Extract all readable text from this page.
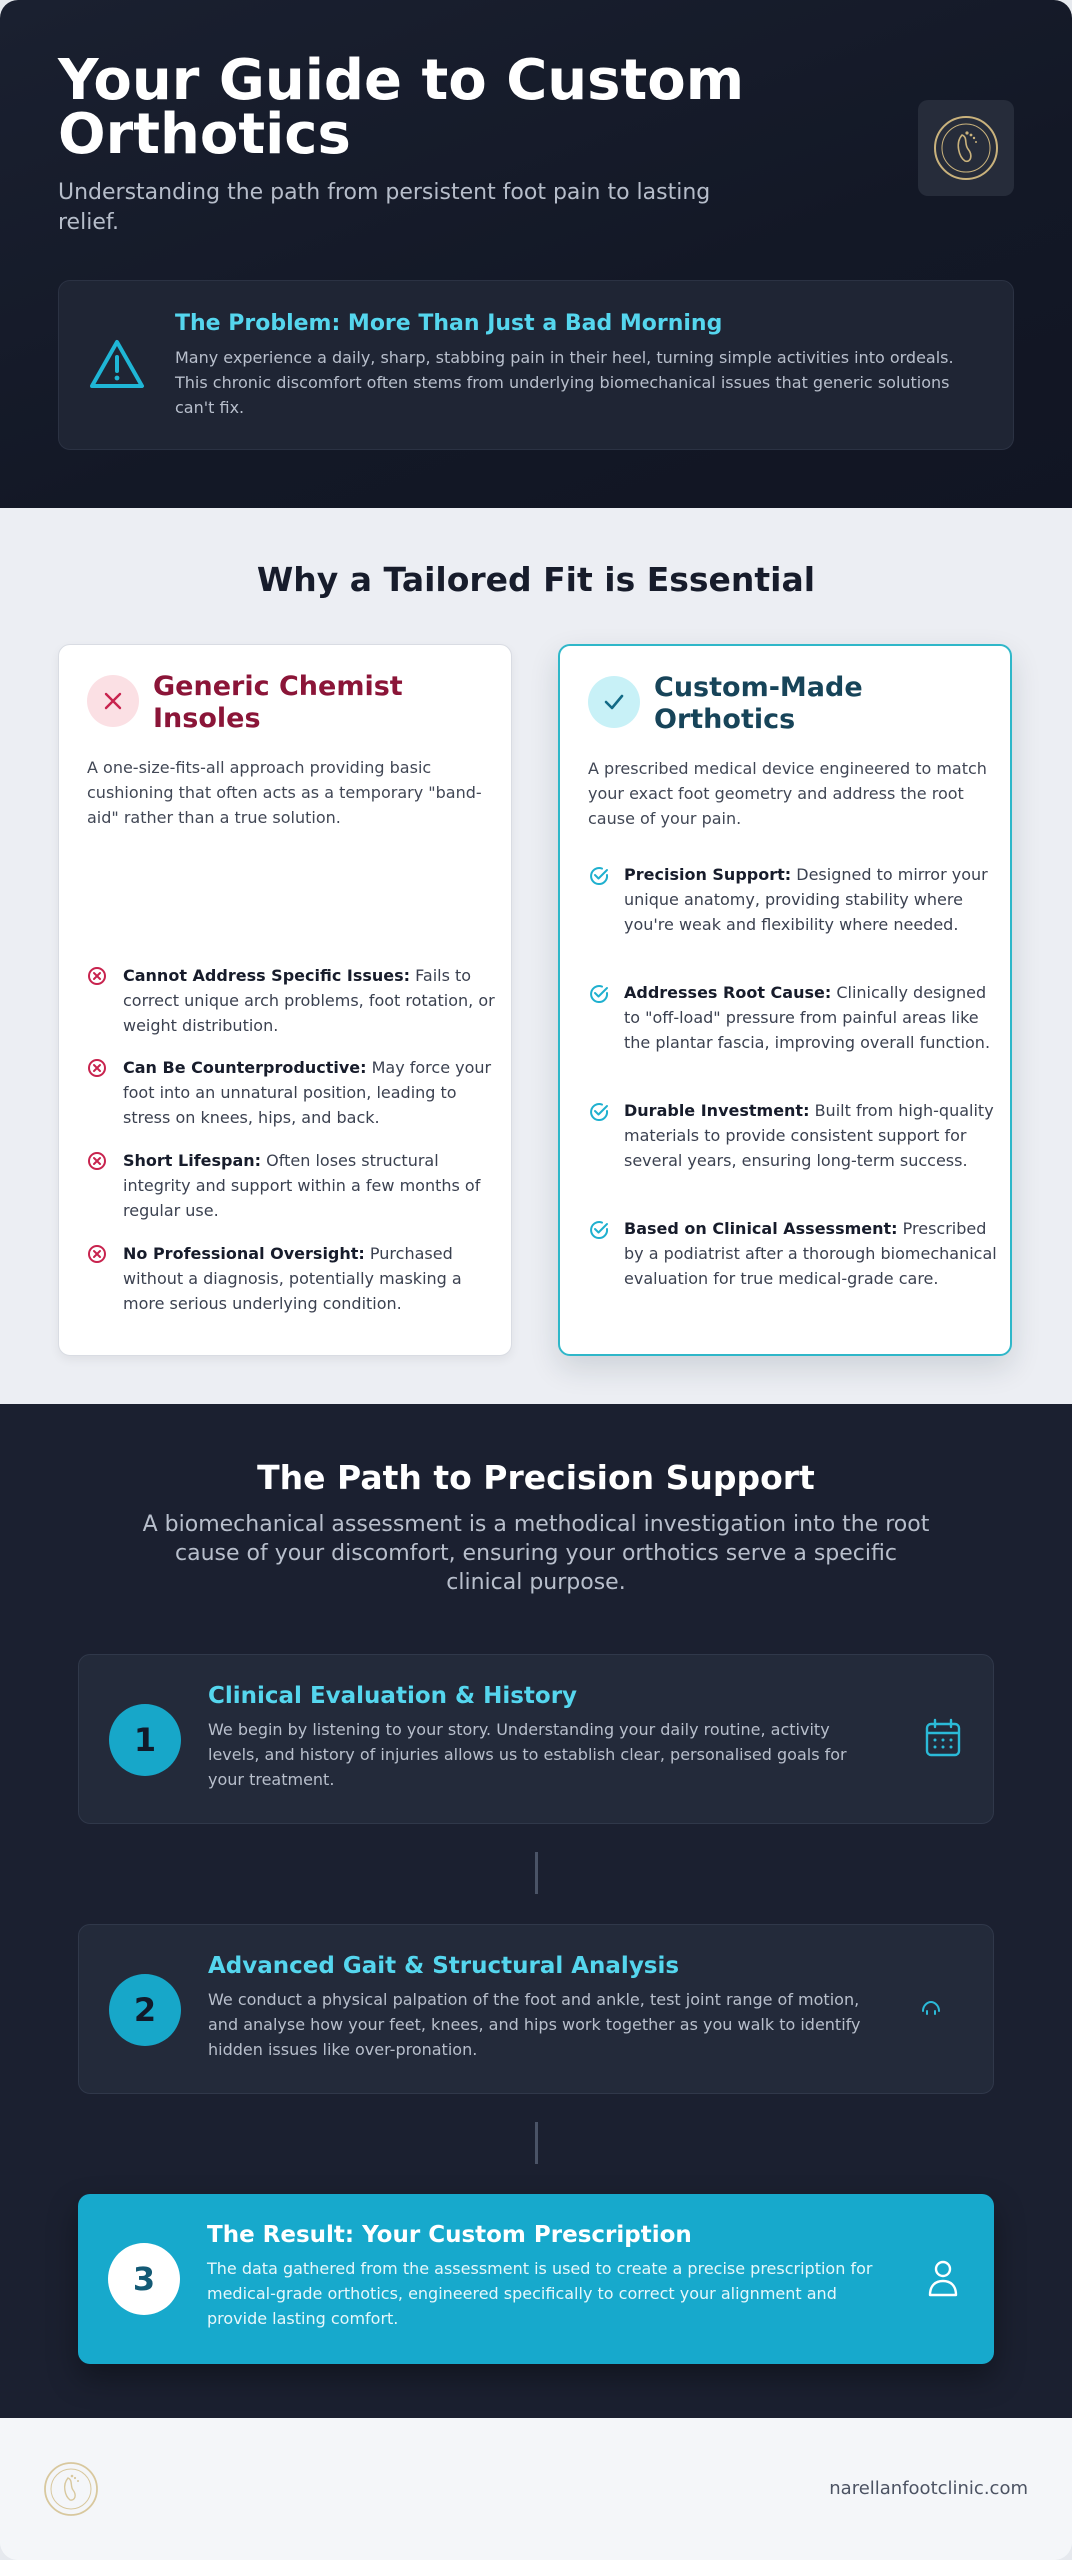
Your Guide to Custom Orthotics

Understanding the path from persistent foot pain to lasting relief.

The Problem: More Than Just a Bad Morning

Many experience a daily, sharp, stabbing pain in their heel, turning simple activities into ordeals. This chronic discomfort often stems from underlying biomechanical issues that generic solutions can't fix.

Why a Tailored Fit is Essential
Generic Chemist Insoles

A one-size-fits-all approach providing basic cushioning that often acts as a temporary "band-aid" rather than a true solution.

Cannot Address Specific Issues: Fails to correct unique arch problems, foot rotation, or weight distribution.

Can Be Counterproductive: May force your foot into an unnatural position, leading to stress on knees, hips, and back.

Short Lifespan: Often loses structural integrity and support within a few months of regular use.

No Professional Oversight: Purchased without a diagnosis, potentially masking a more serious underlying condition.

Custom-Made Orthotics

A prescribed medical device engineered to match your exact foot geometry and address the root cause of your pain.

Precision Support: Designed to mirror your unique anatomy, providing stability where you're weak and flexibility where needed.

Addresses Root Cause: Clinically designed to "off-load" pressure from painful areas like the plantar fascia, improving overall function.

Durable Investment: Built from high-quality materials to provide consistent support for several years, ensuring long-term success.

Based on Clinical Assessment: Prescribed by a podiatrist after a thorough biomechanical evaluation for true medical-grade care.

The Path to Precision Support

A biomechanical assessment is a methodical investigation into the root cause of your discomfort, ensuring your orthotics serve a specific clinical purpose.

1
Clinical Evaluation & History

We begin by listening to your story. Understanding your daily routine, activity levels, and history of injuries allows us to establish clear, personalised goals for your treatment.

2
Advanced Gait & Structural Analysis

We conduct a physical palpation of the foot and ankle, test joint range of motion, and analyse how your feet, knees, and hips work together as you walk to identify hidden issues like over-pronation.

3
The Result: Your Custom Prescription

The data gathered from the assessment is used to create a precise prescription for medical-grade orthotics, engineered specifically to correct your alignment and provide lasting comfort.

narellanfootclinic.com
